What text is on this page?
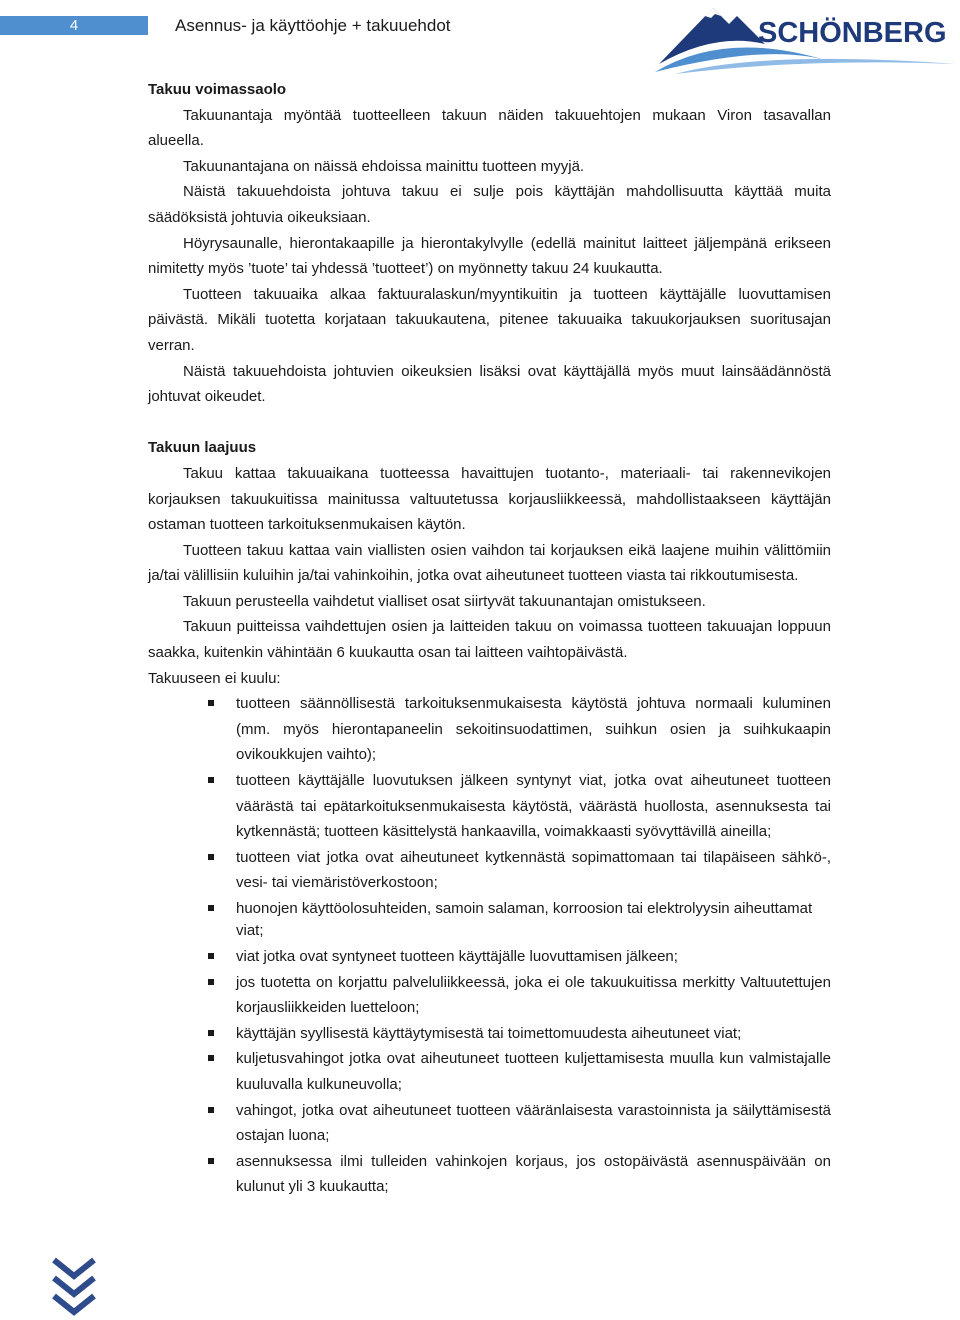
4	Asennus- ja käyttöohje + takuuehdot	SCHÖNBERG
Takuu voimassaolo

Takuunantaja myöntää tuotteelleen takuun näiden takuuehtojen mukaan Viron tasavallan alueella.

Takuunantajana on näissä ehdoissa mainittu tuotteen myyjä.

Näistä takuuehdoista johtuva takuu ei sulje pois käyttäjän mahdollisuutta käyttää muita säädöksistä johtuvia oikeuksiaan.

Höyrysaunalle, hierontakaapille ja hierontakylvylle (edellä mainitut laitteet jäljempänä erikseen nimitetty myös ’tuote’ tai yhdessä ’tuotteet’) on myönnetty takuu 24 kuukautta.

Tuotteen takuuaika alkaa faktuuralaskun/myyntikuitin ja tuotteen käyttäjälle luovuttamisen päivästä. Mikäli tuotetta korjataan takuukautena, pitenee takuuaika takuukorjauksen suoritusajan verran.

Näistä takuuehdoista johtuvien oikeuksien lisäksi ovat käyttäjällä myös muut lainsäädännöstä johtuvat oikeudet.

Takuun laajuus

Takuu kattaa takuuaikana tuotteessa havaittujen tuotanto-, materiaali- tai rakennevikojen korjauksen takuukuitissa mainitussa valtuutetussa korjausliikkeessä, mahdollistaakseen käyttäjän ostaman tuotteen tarkoituksenmukaisen käytön.

Tuotteen takuu kattaa vain viallisten osien vaihdon tai korjauksen eikä laajene muihin välittömiin ja/tai välillisiin kuluihin ja/tai vahinkoihin, jotka ovat aiheutuneet tuotteen viasta tai rikkoutumisesta.

Takuun perusteella vaihdetut vialliset osat siirtyvät takuunantajan omistukseen.

Takuun puitteissa vaihdettujen osien ja laitteiden takuu on voimassa tuotteen takuuajan loppuun saakka, kuitenkin vähintään 6 kuukautta osan tai laitteen vaihtopäivästä.

Takuuseen ei kuulu:

tuotteen säännöllisestä tarkoituksenmukaisesta käytöstä johtuva normaali kuluminen (mm. myös hierontapaneelin sekoitinsuodattimen, suihkun osien ja suihkukaapin ovikoukkujen vaihto);
tuotteen käyttäjälle luovutuksen jälkeen syntynyt viat, jotka ovat aiheutuneet tuotteen väärästä tai epätarkoituksenmukaisesta käytöstä, väärästä huollosta, asennuksesta tai kytkennästä; tuotteen käsittelystä hankaavilla, voimakkaasti syövyttävillä aineilla;
tuotteen viat jotka ovat aiheutuneet kytkennästä sopimattomaan tai tilapäiseen sähkö-, vesi- tai viemäristöverkostoon;
huonojen käyttöolosuhteiden, samoin salaman, korroosion tai elektrolyysin aiheuttamat viat;
viat jotka ovat syntyneet tuotteen käyttäjälle luovuttamisen jälkeen;
jos tuotetta on korjattu palveluliikkeessä, joka ei ole takuukuitissa merkitty Valtuutettujen korjausliikkeiden luetteloon;
käyttäjän syyllisestä käyttäytymisestä tai toimettomuudesta aiheutuneet viat;
kuljetusvahingot jotka ovat aiheutuneet tuotteen kuljettamisesta muulla kun valmistajalle kuuluvalla kulkuneuvolla;
vahingot, jotka ovat aiheutuneet tuotteen vääränlaisesta varastoinnista ja säilyttämisestä ostajan luona;
asennuksessa ilmi tulleiden vahinkojen korjaus, jos ostopäivästä asennuspäivään on kulunut yli 3 kuukautta;
